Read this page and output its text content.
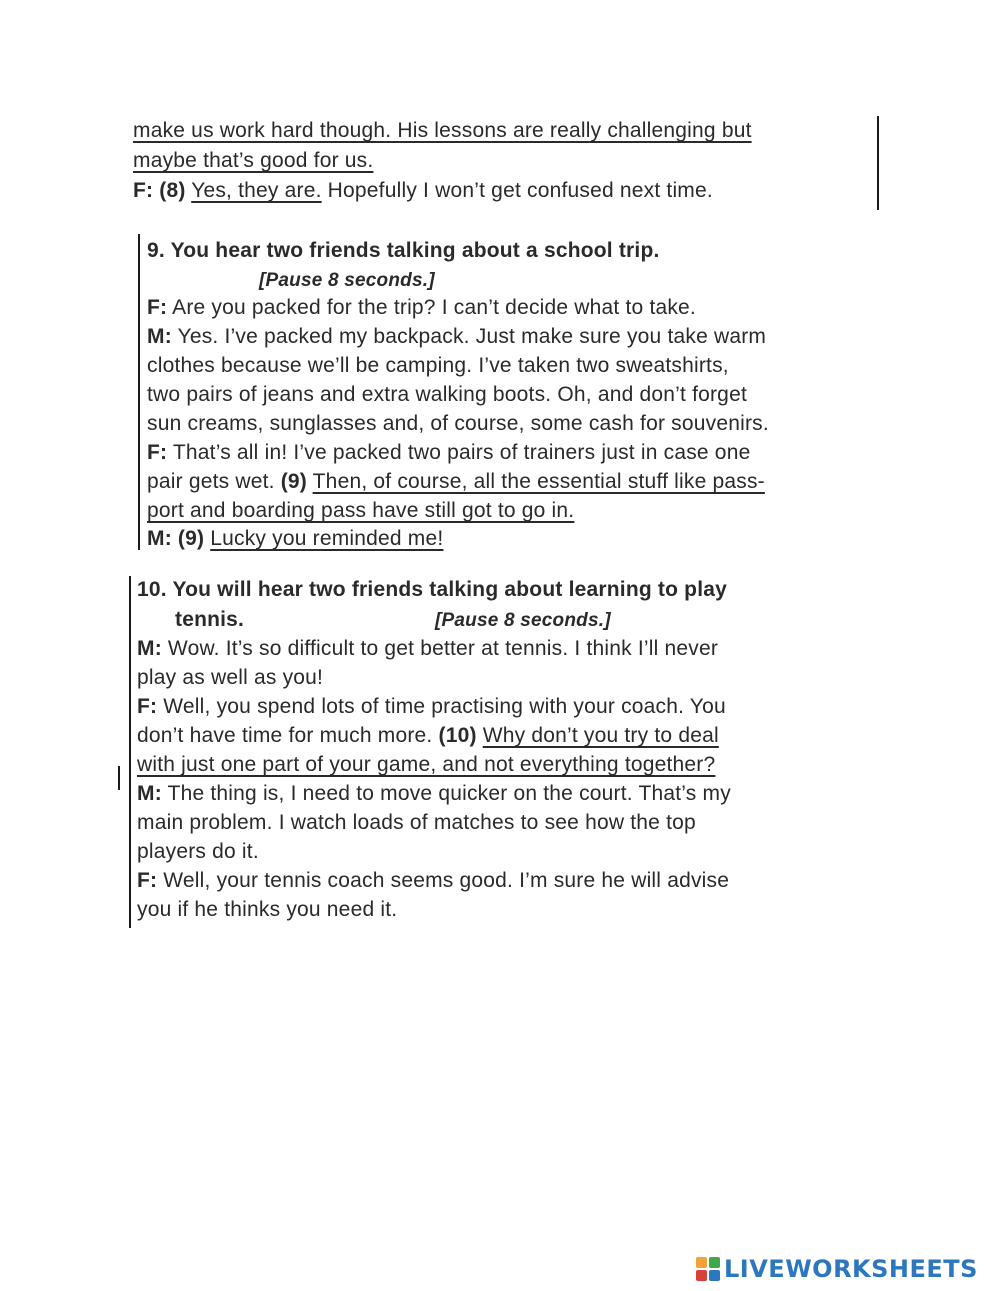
make us work hard though. His lessons are really challenging but
maybe that’s good for us.
F: (8) Yes, they are. Hopefully I won’t get confused next time.
9. You hear two friends talking about a school trip.
[Pause 8 seconds.]
F: Are you packed for the trip? I can’t decide what to take.
M: Yes. I’ve packed my backpack. Just make sure you take warm
clothes because we’ll be camping. I’ve taken two sweatshirts,
two pairs of jeans and extra walking boots. Oh, and don’t forget
sun creams, sunglasses and, of course, some cash for souvenirs.
F: That’s all in! I’ve packed two pairs of trainers just in case one
pair gets wet. (9) Then, of course, all the essential stuff like pass-
port and boarding pass have still got to go in.
M: (9) Lucky you reminded me!
10. You will hear two friends talking about learning to play
tennis.	[Pause 8 seconds.]
M: Wow. It’s so difficult to get better at tennis. I think I’ll never
play as well as you!
F: Well, you spend lots of time practising with your coach. You
don’t have time for much more. (10) Why don’t you try to deal
with just one part of your game, and not everything together?
M: The thing is, I need to move quicker on the court. That’s my
main problem. I watch loads of matches to see how the top
players do it.
F: Well, your tennis coach seems good. I’m sure he will advise
you if he thinks you need it.
LIVEWORKSHEETS
